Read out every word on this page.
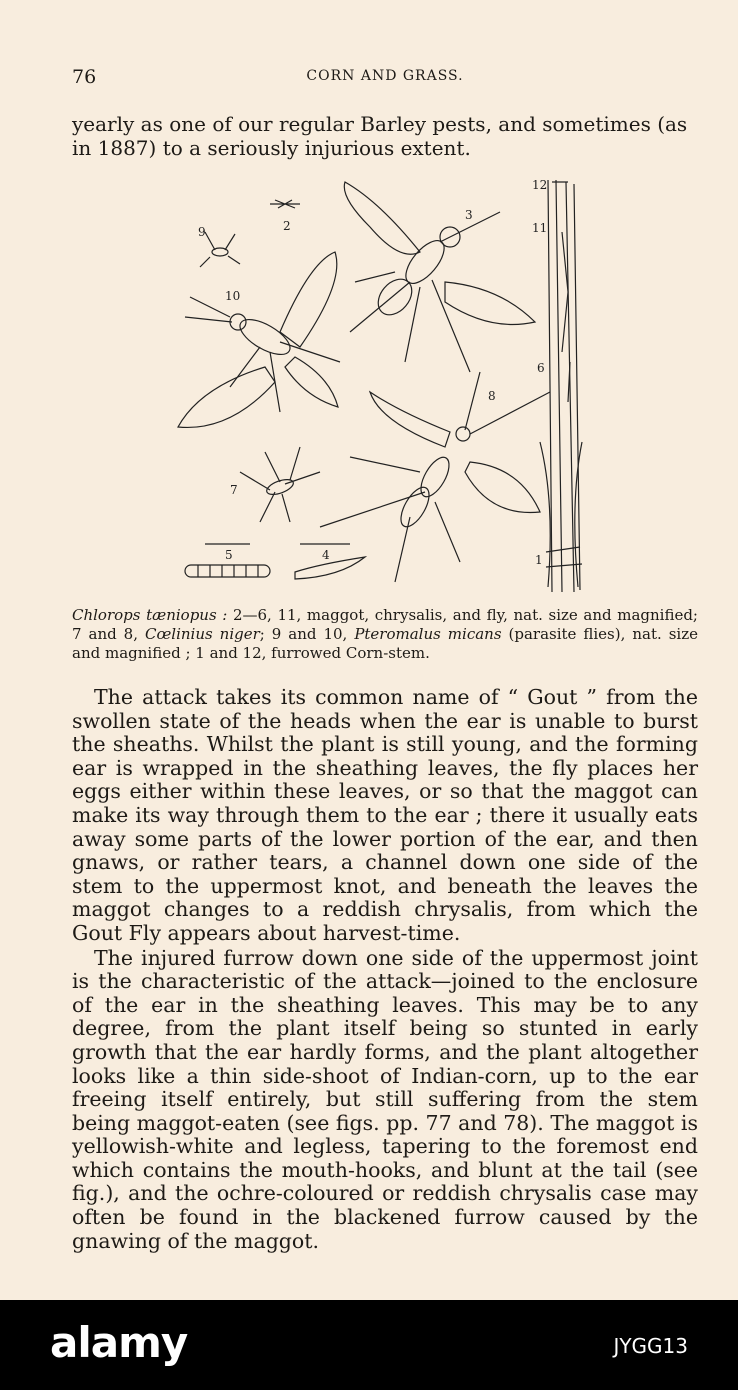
76	CORN AND GRASS.
yearly as one of our regular Barley pests, and sometimes (as in 1887) to a seriously injurious extent.
2
3
9
10
12
11
6
8
7
5	4	1
Chlorops tæniopus : 2—6, 11, maggot, chrysalis, and fly, nat. size and magnified; 7 and 8, Cœlinius niger; 9 and 10, Pteromalus micans (parasite flies), nat. size and magnified ; 1 and 12, furrowed Corn-stem.

The attack takes its common name of “ Gout ” from the swollen state of the heads when the ear is unable to burst the sheaths. Whilst the plant is still young, and the forming ear is wrapped in the sheathing leaves, the fly places her eggs either within these leaves, or so that the maggot can make its way through them to the ear ; there it usually eats away some parts of the lower portion of the ear, and then gnaws, or rather tears, a channel down one side of the stem to the uppermost knot, and beneath the leaves the maggot changes to a reddish chrysalis, from which the Gout Fly appears about harvest-time.

The injured furrow down one side of the uppermost joint is the characteristic of the attack—joined to the enclosure of the ear in the sheathing leaves. This may be to any degree, from the plant itself being so stunted in early growth that the ear hardly forms, and the plant altogether looks like a thin side-shoot of Indian-corn, up to the ear freeing itself entirely, but still suffering from the stem being maggot-eaten (see figs. pp. 77 and 78). The maggot is yellowish-white and legless, tapering to the foremost end which contains the mouth-hooks, and blunt at the tail (see fig.), and the ochre-coloured or reddish chrysalis case may often be found in the blackened furrow caused by the gnawing of the maggot.

alamy	JYGG13
